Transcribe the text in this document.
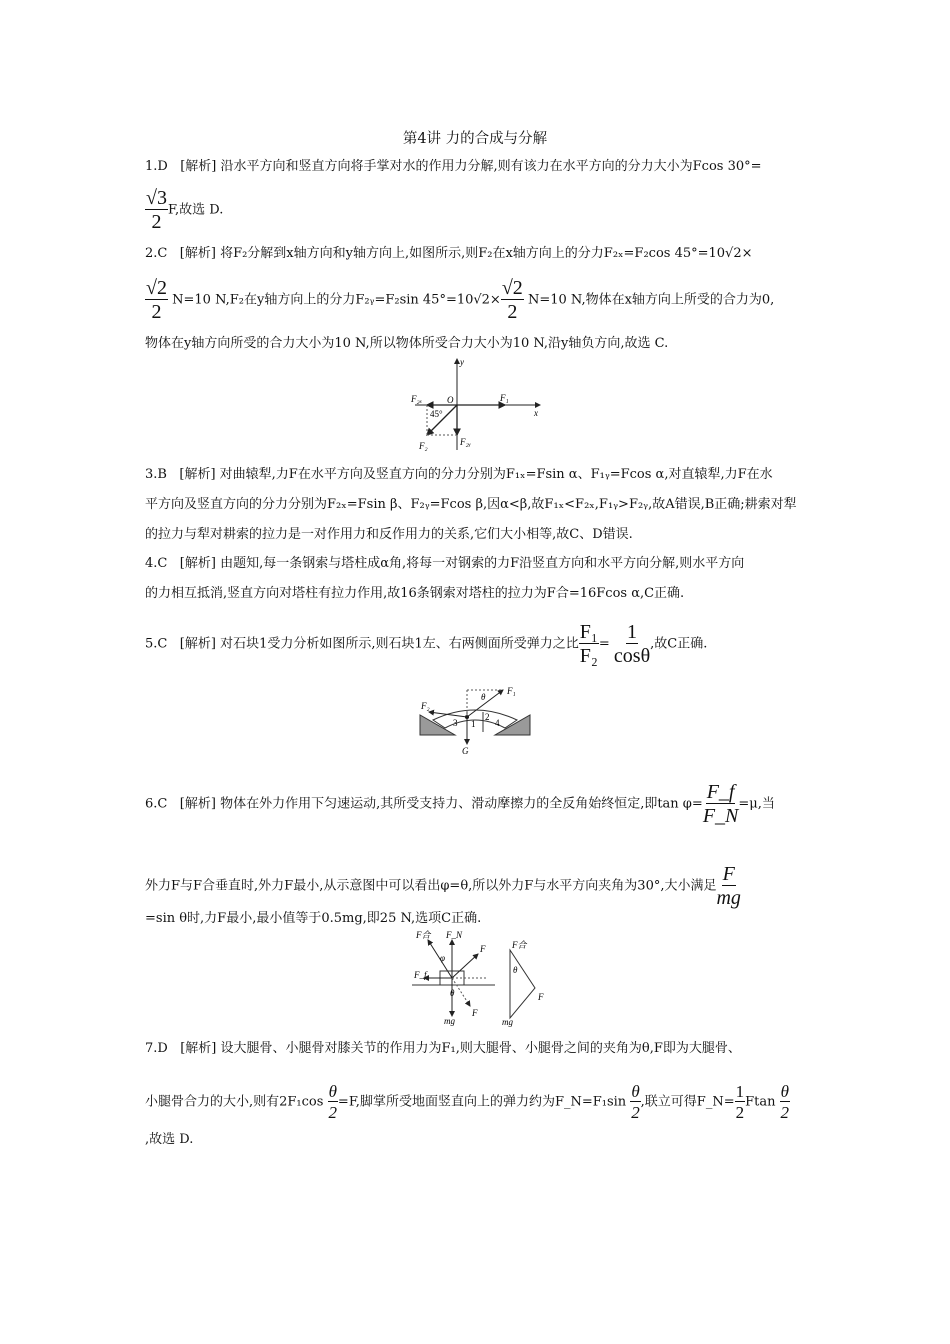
第4讲 力的合成与分解
1.D [解析] 沿水平方向和竖直方向将手掌对水的作用力分解,则有该力在水平方向的分力大小为Fcos 30°=
$\frac{√3}{2} F$,故选 D.
2.C [解析] 将F₂分解到x轴方向和y轴方向上,如图所示,则F₂在x轴方向上的分力F₂ₓ=F₂cos 45°=10√2×
$\frac{√2}{2} N=10$ N,F₂在y轴方向上的分力F₂ᵧ=F₂sin $45^\circ=10√2\times \frac{√2}{2} N=10$ N,物体在x轴方向上所受的合力为0,
物体在y轴方向所受的合力大小为10 N,所以物体所受合力大小为10 N,沿y轴负方向,故选 C.
y
x
O	F₁
F₂ₓ
F₂	F₂ᵧ
45°
3.B [解析] 对曲辕犁,力F在水平方向及竖直方向的分力分别为F₁ₓ=Fsin α、F₁ᵧ=Fcos α,对直辕犁,力F在水
平方向及竖直方向的分力分别为F₂ₓ=Fsin β、F₂ᵧ=Fcos β,因α<β,故F₁ₓ<F₂ₓ,F₁ᵧ>F₂ᵧ,故A错误,B正确;耕索对犁
的拉力与犁对耕索的拉力是一对作用力和反作用力的关系,它们大小相等,故C、D错误.
4.C [解析] 由题知,每一条钢索与塔柱成α角,将每一对钢索的力F沿竖直方向和水平方向分解,则水平方向
的力相互抵消,竖直方向对塔柱有拉力作用,故16条钢索对塔柱的拉力为F合=16Fcos α,C正确.
5.C [解析] 对石块1受力分析如图所示,则石块1左、右两侧面所受弹力之比 $\frac{\text{F₁}}{\text{F₂}} = \frac{1}{\cos\theta}$ ,故C正确.
F₁
F₂
G
θ
1
2
3	4
6.C [解析] 物体在外力作用下匀速运动,其所受支持力、滑动摩擦力的全反角始终恒定,即$\tan \varphi= \frac{F\_f}{F\_N} =\mu$,当
外力F与F合垂直时,外力F最小,从示意图中可以看出φ=θ,所以外力F与水平方向夹角为30°,大小满足 $\frac{F}{mg}$
=sin θ时,力F最小,最小值等于0.5mg,即25 N,选项C正确.
F合 F_N
F
F_f
φ
θ
mg
F
F合
θ
F
mg
7.D [解析] 设大腿骨、小腿骨对膝关节的作用力为F₁,则大腿骨、小腿骨之间的夹角为θ,F即为大腿骨、
小腿骨合力的大小,则有$2F_1\cos \frac{\theta}{2} =F$,脚掌所受地面竖直向上的弹力约为F_N=F₁sin $\frac{\theta}{2}$ ,联立可得F_N= $\frac{1}{2}$ Ftan $\frac{\theta}{2}$
,故选 D.
